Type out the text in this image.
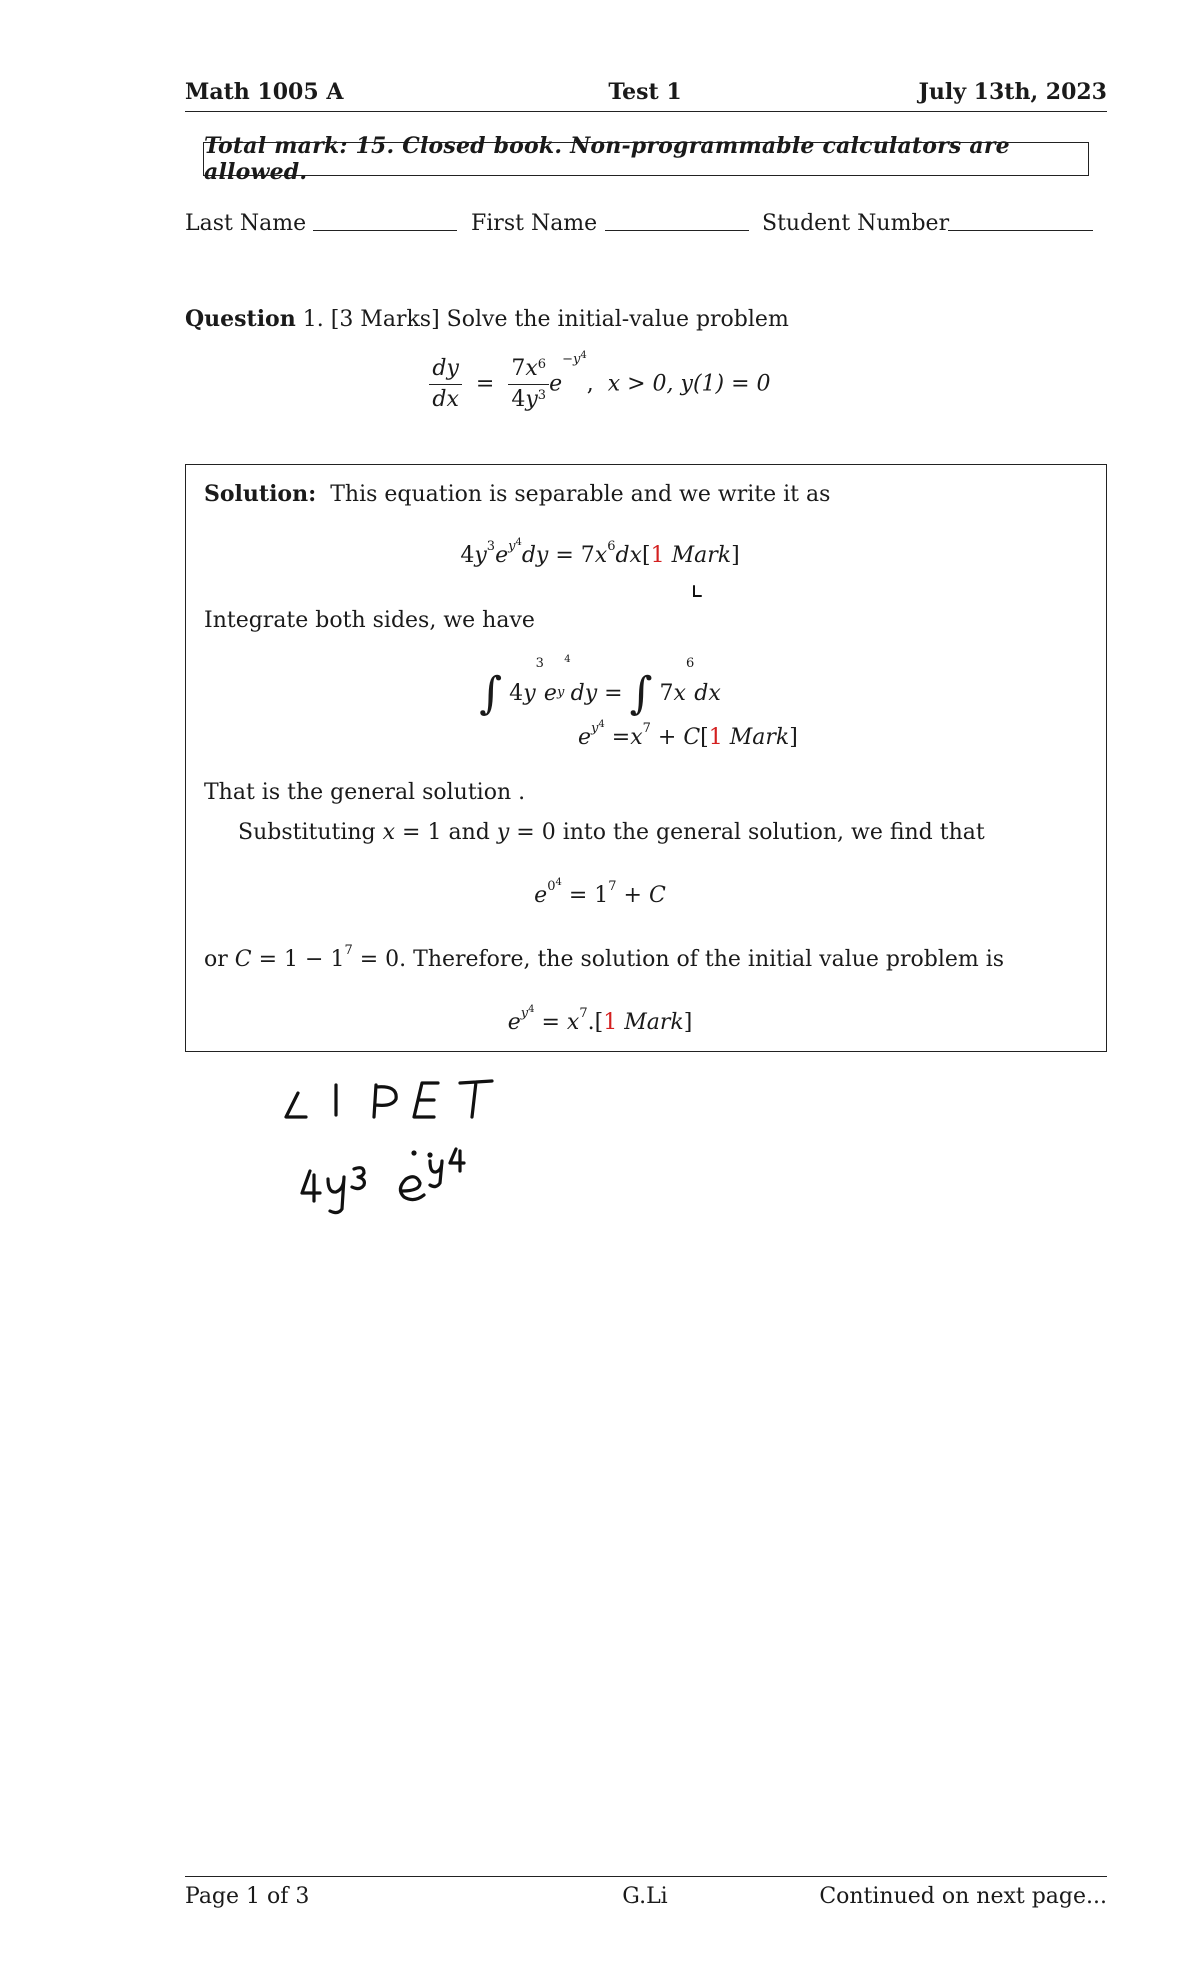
Math 1005 A	Test 1	July 13th, 2023
Total mark: 15. Closed book. Non-programmable calculators are allowed.
Last Name	First Name	Student Number
Question 1. [3 Marks] Solve the initial-value problem
$\frac{dy}{dx} = \frac{7x^6}{4y^3} e^{-y^4}$,  x > 0, y(1) = 0
Solution: This equation is separable and we write it as
$4y^3e^{y^4}dy = 7x^6dx[1$ Mark]
Integrate both sides, we have
∫ $4y^3e^{y^4}dy$ = ∫ $7x^6dx$
$e^{y^4} =x^7 + C[1$ Mark]
That is the general solution .
Substituting x = 1 and y = 0 into the general solution, we find that
$e^{0^4} = 1^7 + C$
or $C = 1 - 1^7 = 0$. Therefore, the solution of the initial value problem is
$e^{y^4} = x^7.[1$ Mark]
Page 1 of 3	G.Li	Continued on next page...
